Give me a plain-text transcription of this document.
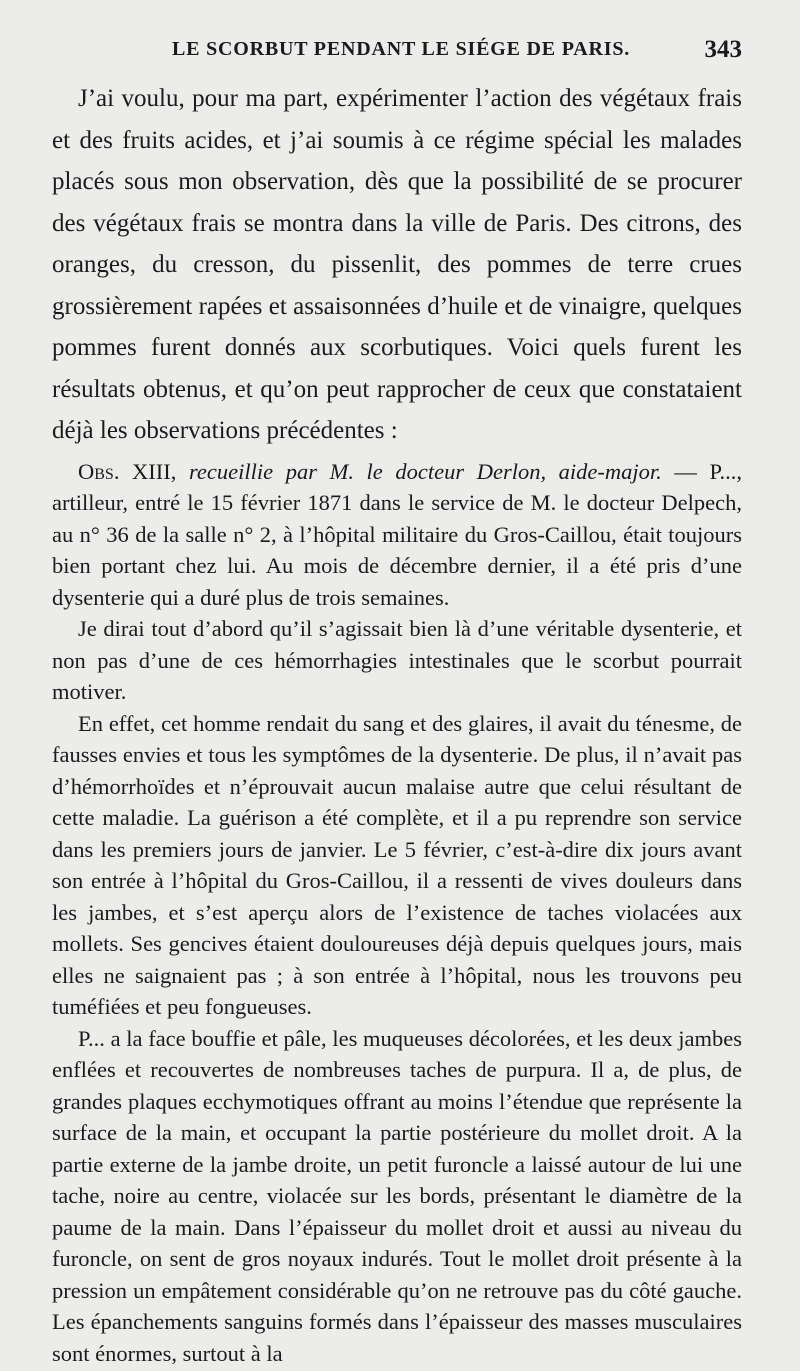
LE SCORBUT PENDANT LE SIÉGE DE PARIS.	343

J’ai voulu, pour ma part, expérimenter l’action des végétaux frais et des fruits acides, et j’ai soumis à ce régime spécial les malades placés sous mon observation, dès que la possibilité de se procurer des végétaux frais se montra dans la ville de Paris. Des citrons, des oranges, du cresson, du pissenlit, des pommes de terre crues grossièrement rapées et assaisonnées d’huile et de vinaigre, quelques pommes furent donnés aux scorbutiques. Voici quels furent les résultats obtenus, et qu’on peut rapprocher de ceux que constataient déjà les observations précédentes :

Obs. XIII, recueillie par M. le docteur Derlon, aide-major. — P..., artilleur, entré le 15 février 1871 dans le service de M. le docteur Delpech, au n° 36 de la salle n° 2, à l’hôpital militaire du Gros-Caillou, était toujours bien portant chez lui. Au mois de décembre dernier, il a été pris d’une dysenterie qui a duré plus de trois semaines.

Je dirai tout d’abord qu’il s’agissait bien là d’une véritable dysenterie, et non pas d’une de ces hémorrhagies intestinales que le scorbut pourrait motiver.

En effet, cet homme rendait du sang et des glaires, il avait du ténesme, de fausses envies et tous les symptômes de la dysenterie. De plus, il n’avait pas d’hémorrhoïdes et n’éprouvait aucun malaise autre que celui résultant de cette maladie. La guérison a été complète, et il a pu reprendre son service dans les premiers jours de janvier. Le 5 février, c’est-à-dire dix jours avant son entrée à l’hôpital du Gros-Caillou, il a ressenti de vives douleurs dans les jambes, et s’est aperçu alors de l’existence de taches violacées aux mollets. Ses gencives étaient douloureuses déjà depuis quelques jours, mais elles ne saignaient pas ; à son entrée à l’hôpital, nous les trouvons peu tuméfiées et peu fongueuses.

P... a la face bouffie et pâle, les muqueuses décolorées, et les deux jambes enflées et recouvertes de nombreuses taches de purpura. Il a, de plus, de grandes plaques ecchymotiques offrant au moins l’étendue que représente la surface de la main, et occupant la partie postérieure du mollet droit. A la partie externe de la jambe droite, un petit furoncle a laissé autour de lui une tache, noire au centre, violacée sur les bords, présentant le diamètre de la paume de la main. Dans l’épaisseur du mollet droit et aussi au niveau du furoncle, on sent de gros noyaux indurés. Tout le mollet droit présente à la pression un empâtement considérable qu’on ne retrouve pas du côté gauche. Les épanchements sanguins formés dans l’épaisseur des masses musculaires sont énormes, surtout à la
